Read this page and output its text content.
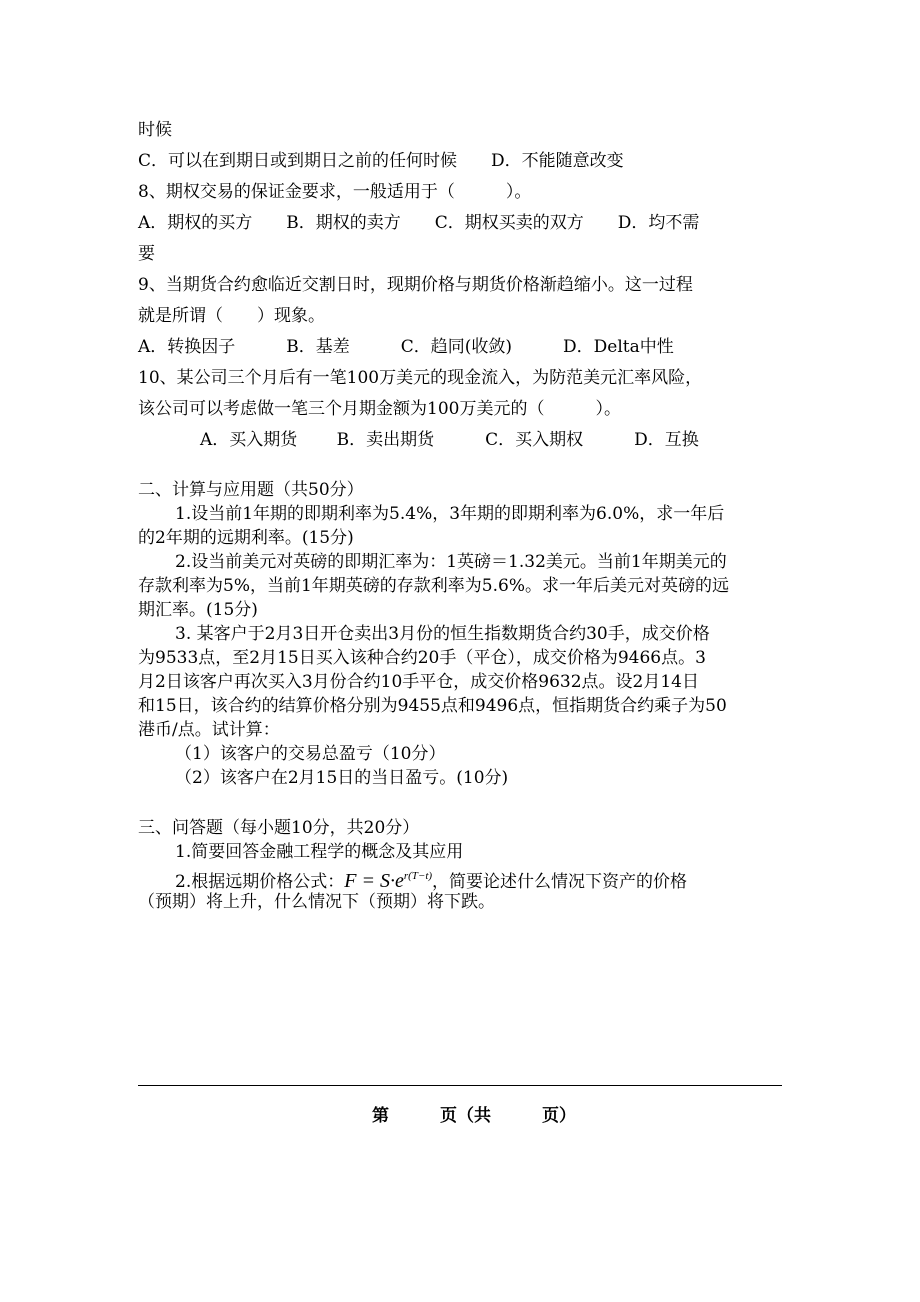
时候
C．可以在到期日或到期日之前的任何时候　　D．不能随意改变
8、期权交易的保证金要求，一般适用于（　　　）。
A．期权的买方　　B．期权的卖方　　C．期权买卖的双方　　D．均不需
要
9、当期货合约愈临近交割日时，现期价格与期货价格渐趋缩小。这一过程
就是所谓（　　）现象。
A．转换因子　　　B．基差　　　C．趋同(收敛)　　　D．Delta中性
10、某公司三个月后有一笔100万美元的现金流入，为防范美元汇率风险，
该公司可以考虑做一笔三个月期金额为100万美元的（　　　）。
A．买入期货　　 B．卖出期货　　　C．买入期权　　　D．互换
二、计算与应用题（共50分）
1.设当前1年期的即期利率为5.4%，3年期的即期利率为6.0%，求一年后
的2年期的远期利率。(15分)
2.设当前美元对英磅的即期汇率为：1英磅＝1.32美元。当前1年期美元的
存款利率为5%，当前1年期英磅的存款利率为5.6%。求一年后美元对英磅的远
期汇率。(15分)
3. 某客户于2月3日开仓卖出3月份的恒生指数期货合约30手，成交价格
为9533点，至2月15日买入该种合约20手（平仓），成交价格为9466点。3
月2日该客户再次买入3月份合约10手平仓，成交价格9632点。设2月14日
和15日，该合约的结算价格分别为9455点和9496点，恒指期货合约乘子为50
港币/点。试计算：
（1）该客户的交易总盈亏（10分）
（2）该客户在2月15日的当日盈亏。(10分)
三、问答题（每小题10分，共20分）
1.简要回答金融工程学的概念及其应用
2.根据远期价格公式：$F = S\cdot e^{r(T-t)}$，简要论述什么情况下资产的价格
（预期）将上升，什么情况下（预期）将下跌。
第　　　页（共　　　页）
